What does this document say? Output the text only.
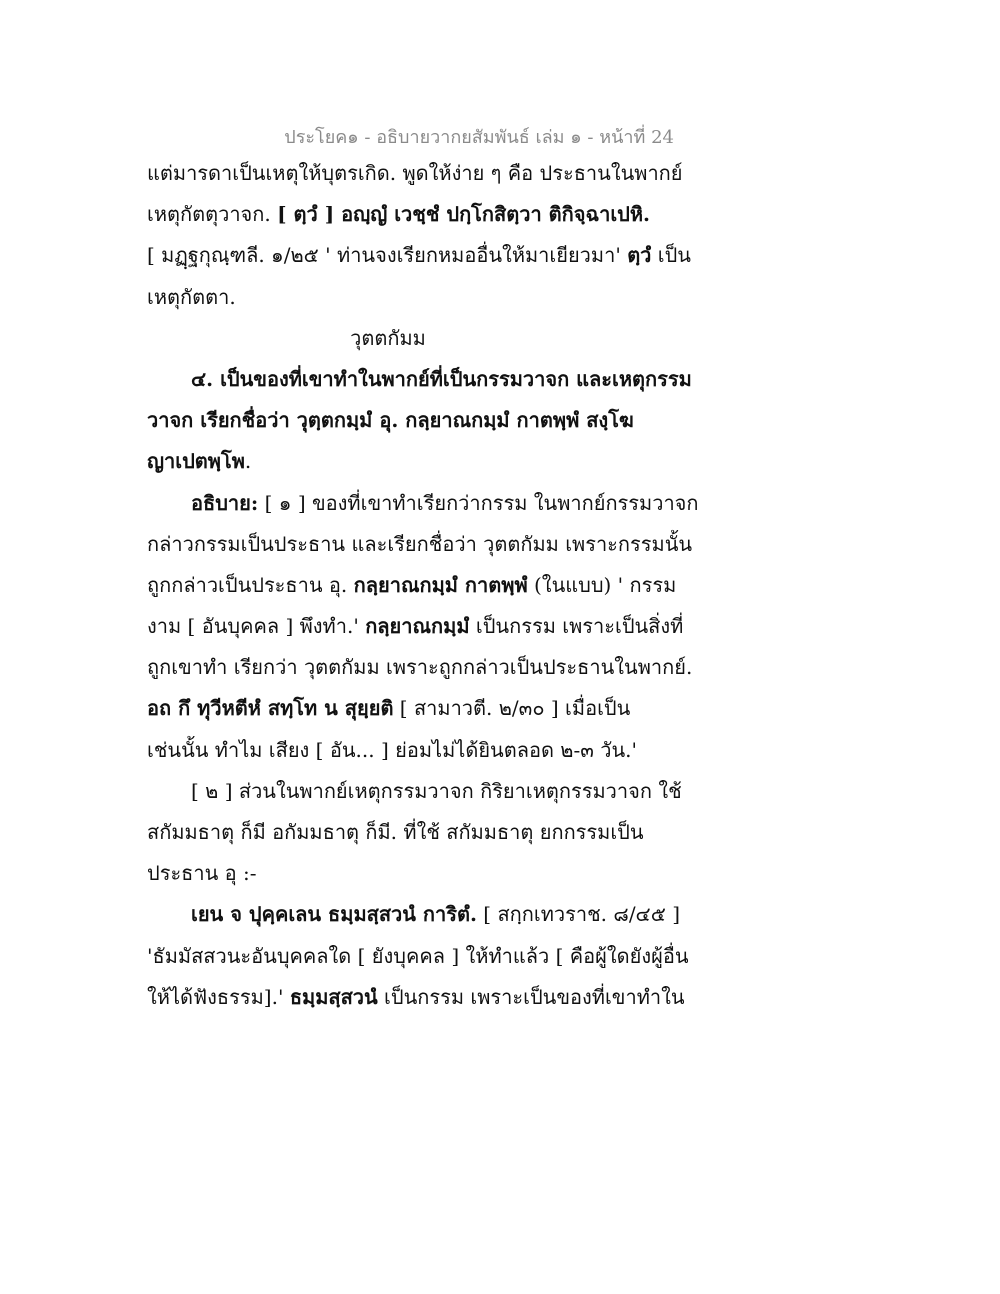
ประโยค๑ - อธิบายวากยสัมพันธ์ เล่ม ๑ - หน้าที่ 24
แต่มารดาเป็นเหตุให้บุตรเกิด. พูดให้ง่าย ๆ คือ ประธานในพากย์
เหตุกัตตุวาจก. [ ตฺวํ ] อญฺญํ เวชฺชํ ปกฺโกสิตฺวา ติกิจฺฉาเปหิ.
[ มฏฺฐกุณฺฑลี. ๑/๒๕ ' ท่านจงเรียกหมออื่นให้มาเยียวมา' ตฺวํ เป็น
เหตุกัตตา.
วุตตกัมม
๔. เป็นของที่เขาทำในพากย์ที่เป็นกรรมวาจก และเหตุกรรม
วาจก เรียกชื่อว่า วุตฺตกมฺมํ อุ. กลฺยาณกมฺมํ กาตพฺพํ สงฺโฆ
ญาเปตพฺโพ.
อธิบาย: [ ๑ ] ของที่เขาทำเรียกว่ากรรม ในพากย์กรรมวาจก
กล่าวกรรมเป็นประธาน และเรียกชื่อว่า วุตตกัมม เพราะกรรมนั้น
ถูกกล่าวเป็นประธาน อุ. กลฺยาณกมฺมํ กาตพฺพํ (ในแบบ) ' กรรม
งาม [ อันบุคคล ] พึงทำ.' กลฺยาณกมฺมํ เป็นกรรม เพราะเป็นสิ่งที่
ถูกเขาทำ เรียกว่า วุตตกัมม เพราะถูกกล่าวเป็นประธานในพากย์.
อถ กึ ทุวีหตีหํ สทฺโท น สุยฺยติ [ สามาวตี. ๒/๓๐ ] เมื่อเป็น
เช่นนั้น ทำไม เสียง [ อัน... ] ย่อมไม่ได้ยินตลอด ๒-๓ วัน.'
[ ๒ ] ส่วนในพากย์เหตุกรรมวาจก กิริยาเหตุกรรมวาจก ใช้
สกัมมธาตุ ก็มี อกัมมธาตุ ก็มี. ที่ใช้ สกัมมธาตุ ยกกรรมเป็น
ประธาน อุ :-
เยน จ ปุคฺคเลน ธมฺมสฺสวนํ การิตํ. [ สกฺกเทวราช. ๘/๔๕ ]
'ธัมมัสสวนะอันบุคคลใด [ ยังบุคคล ] ให้ทำแล้ว [ คือผู้ใดยังผู้อื่น
ให้ได้ฟังธรรม].' ธมฺมสฺสวนํ เป็นกรรม เพราะเป็นของที่เขาทำใน
